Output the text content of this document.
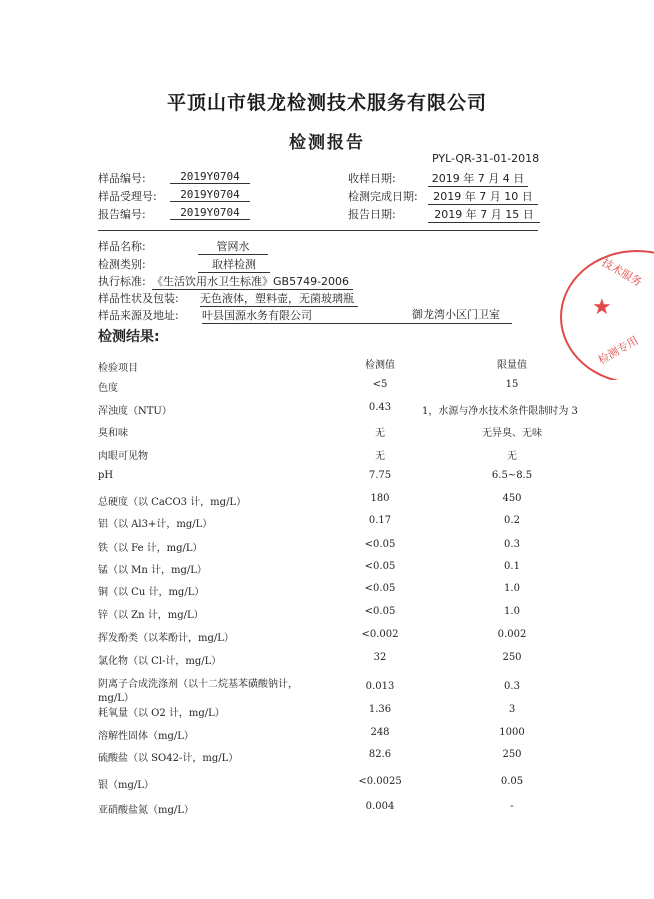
平顶山市银龙检测技术服务有限公司
检测报告
PYL-QR-31-01-2018
样品编号:	2019Y0704
样品受理号:	2019Y0704
报告编号:	2019Y0704
收样日期:	2019 年 7 月 4 日
检测完成日期:	2019 年 7 月 10 日
报告日期:	2019 年 7 月 15 日
样品名称:	管网水
检测类别:	取样检测
执行标准: 《生活饮用水卫生标准》GB5749-2006
样品性状及包装: 无色液体，塑料壶，无菌玻璃瓶
样品来源及地址: 叶县国源水务有限公司	御龙湾小区门卫室
检测结果:
检验项目	检测值	限量值
色度	<5	15
浑浊度（NTU）	0.43	1，水源与净水技术条件限制时为 3
臭和味	无	无异臭、无味
肉眼可见物	无	无
pH	7.75	6.5~8.5
总硬度（以 CaCO3 计，mg/L）	180	450
铝（以 Al3+计，mg/L）	0.17	0.2
铁（以 Fe 计，mg/L）	<0.05	0.3
锰（以 Mn 计，mg/L）	<0.05	0.1
铜（以 Cu 计，mg/L）	<0.05	1.0
锌（以 Zn 计，mg/L）	<0.05	1.0
挥发酚类（以苯酚计，mg/L）	<0.002	0.002
氯化物（以 Cl-计，mg/L）	32	250
阴离子合成洗涤剂（以十二烷基苯磺酸钠计，
mg/L）
0.013	0.3
耗氧量（以 O2 计，mg/L）	1.36	3
溶解性固体（mg/L）	248	1000
硫酸盐（以 SO42-计，mg/L）	82.6	250
银（mg/L）	<0.0025	0.05
亚硝酸盐氮（mg/L）	0.004	-
技术服务
★
检测专用
